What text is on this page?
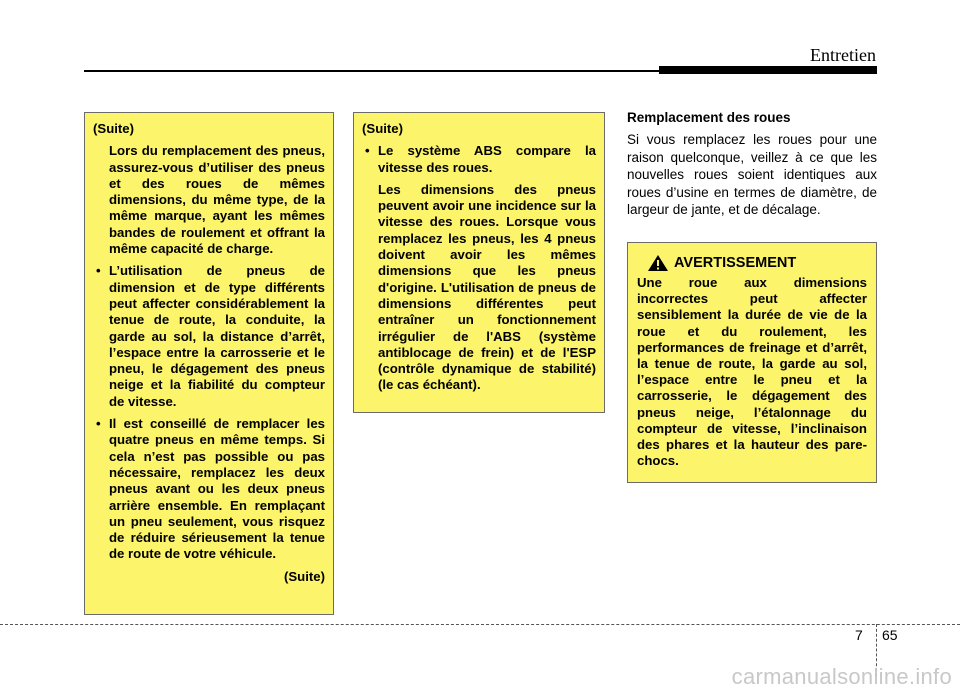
Entretien
(Suite)
Lors du remplacement des pneus, assurez-vous d’utiliser des pneus et des roues de mêmes dimensions, du même type, de la même marque, ayant les mêmes bandes de roulement et offrant la même capacité de charge.
• L’utilisation de pneus de dimension et de type différents peut affecter considérablement la tenue de route, la conduite, la garde au sol, la distance d’arrêt, l’espace entre la carrosserie et le pneu, le dégagement des pneus neige et la fiabilité du compteur de vitesse.
• Il est conseillé de remplacer les quatre pneus en même temps. Si cela n’est pas possible ou pas nécessaire, remplacez les deux pneus avant ou les deux pneus arrière ensemble. En remplaçant un pneu seulement, vous risquez de réduire sérieusement la tenue de route de votre véhicule.
(Suite)
(Suite)
• Le système ABS compare la vitesse des roues.
Les dimensions des pneus peuvent avoir une incidence sur la vitesse des roues. Lorsque vous remplacez les pneus, les 4 pneus doivent avoir les mêmes dimensions que les pneus d'origine. L'utilisation de pneus de dimensions différentes peut entraîner un fonctionnement irrégulier de l'ABS (système antiblocage de frein) et de l'ESP (contrôle dynamique de stabilité) (le cas échéant).
Remplacement des roues
Si vous remplacez les roues pour une raison quelconque, veillez à ce que les nouvelles roues soient identiques aux roues d’usine en termes de diamètre, de largeur de jante, et de décalage.
AVERTISSEMENT
Une roue aux dimensions incorrectes peut affecter sensiblement la durée de vie de la roue et du roulement, les performances de freinage et d’arrêt, la tenue de route, la garde au sol, l’espace entre le pneu et la carrosserie, le dégagement des pneus neige, l’étalonnage du compteur de vitesse, l’inclinaison des phares et la hauteur des pare-chocs.
7 65
carmanualsonline.info
